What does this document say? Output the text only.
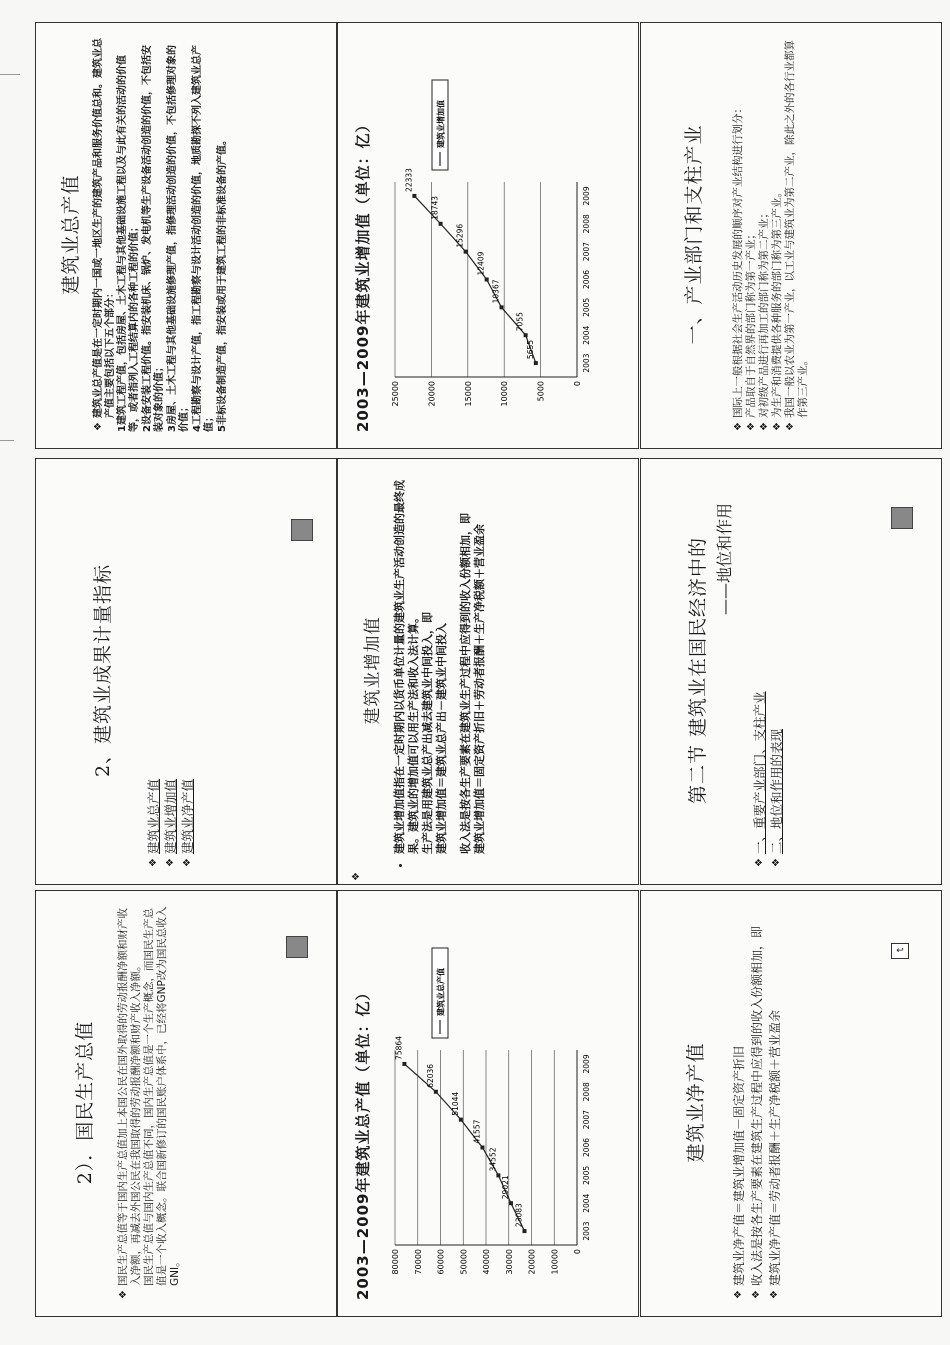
建筑业总产值
❖
建筑业总产值是在一定时期内一国或一地区生产的建筑产品和服务价值总和。建筑业总产值主要包括以下五个部分： 1建筑工程产值，包括房屋、土木工程与其他基础设施工程以及与此有关的活动的价值等，或者指列入工程结算内的各种工程的价值； 2设备安装工程价值。指安装机床、锅炉、发电机等生产设备活动创造的价值，不包括安装对象的价值； 3房屋、土木工程与其他基础设施修理产值，指修理活动创造的价值，不包括修理对象的价值； 4工程勘察与设计产值，指工程勘察与设计活动创造的价值，地质勘探不列入建筑业总产值； 5非标设备制造产值，指安装或用于建筑工程的非标准设备的产值。	2003—2009年建筑业增加值（单位：亿）	0
5000
10000
15000
20000
25000
2003
2004
2005
2006
2007
2008
2009
5655
7055
10367
12409
15296
18743
22333
建筑业增加值
一、产业部门和支柱产业
❖
国际上一般根据社会生产活动历史发展的顺序对产业结构进行划分：
❖
产品取自于自然界的部门称为第一产业；
❖
对初级产品进行再加工的部门称为第二产业；
❖
为生产和消费提供各种服务的部门称为第三产业。
❖
我国一般以农业为第一产业，以工业与建筑业为第二产业，除此之外的各行业都算作第三产业。
2、建筑业成果计量指标
❖
建筑业总产值
❖
建筑业增加值
❖
建筑业净产值
建筑业增加值
• ❖
建筑业增加值指在一定时期内以货币单位计量的建筑业生产活动创造的最终成果。建筑业的增加值可以用生产法和收入法计算。 生产法是用建筑业总产出减去建筑业中间投入，即 建筑业增加值＝建筑业总产出－建筑业中间投入 收入法是按各生产要素在建筑业生产过程中应得到的收入份额相加，即 建筑业增加值＝固定资产折旧＋劳动者报酬＋生产净税额＋营业盈余	第二节 建筑业在国民经济中的 ——地位和作用
❖
一、重要产业部门、支柱产业
❖
二、地位和作用的表现
2）．国民生产总值
❖
国民生产总值等于国内生产总值加上本国公民在国外取得的劳动报酬净额和财产收入净额，再减去外国公民在我国取得的劳动报酬净额和财产收入净额。 国民生产总值与国内生产总值不同，国内生产总值是一个生产概念，而国民生产总值是一个收入概念。联合国新修订的国民账户体系中，已经将GNP改为国民总收入GNI。	2003—2009年建筑业总产值（单位：亿）	0
10000
20000
30000
40000
50000
60000
70000
80000
2003
2004
2005
2006
2007
2008
2009
23083
29021
34552
41557
51044
62036
75864
建筑业总产值
建筑业净产值
❖
建筑业净产值＝建筑业增加值－固定资产折旧
❖
收入法是按各生产要素在建筑生产过程中应得到的收入份额相加，即
❖
建筑业净产值＝劳动者报酬＋生产净税额＋营业盈余
↩
